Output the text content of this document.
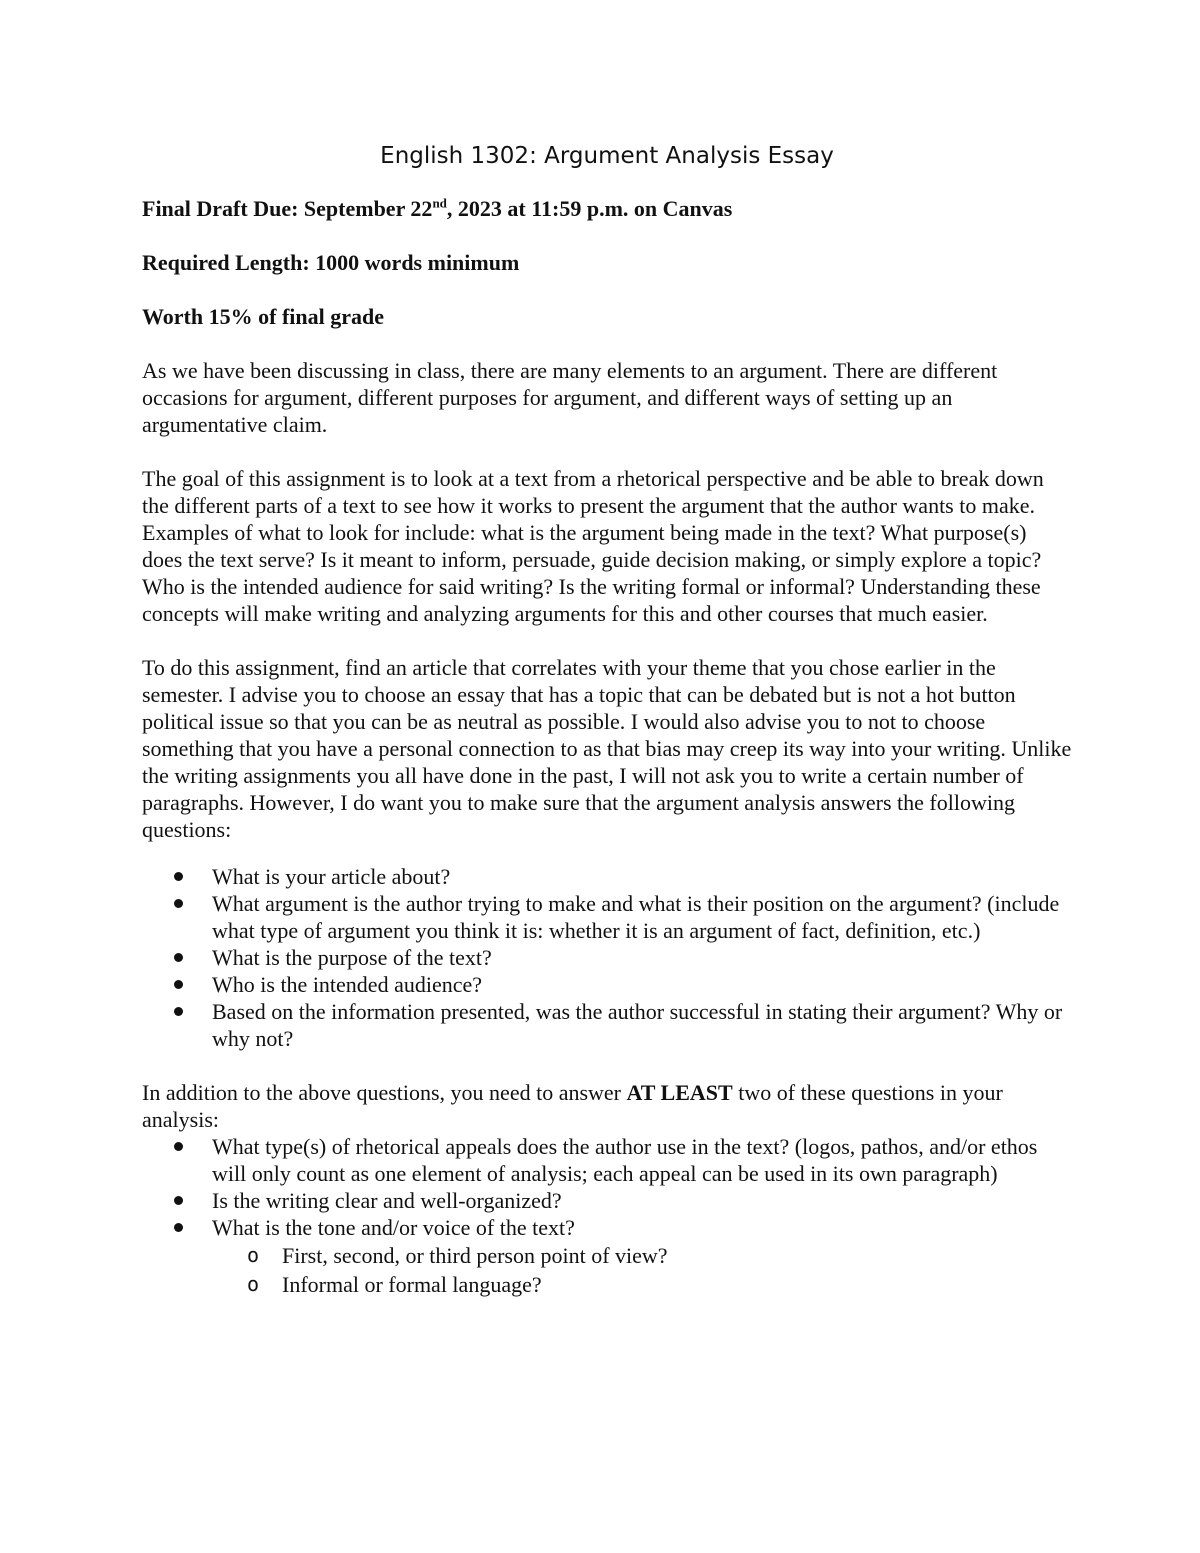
English 1302: Argument Analysis Essay
Final Draft Due: September 22nd, 2023 at 11:59 p.m. on Canvas
Required Length: 1000 words minimum
Worth 15% of final grade

As we have been discussing in class, there are many elements to an argument. There are different occasions for argument, different purposes for argument, and different ways of setting up an argumentative claim.

The goal of this assignment is to look at a text from a rhetorical perspective and be able to break down the different parts of a text to see how it works to present the argument that the author wants to make. Examples of what to look for include: what is the argument being made in the text? What purpose(s) does the text serve? Is it meant to inform, persuade, guide decision making, or simply explore a topic? Who is the intended audience for said writing? Is the writing formal or informal? Understanding these concepts will make writing and analyzing arguments for this and other courses that much easier.

To do this assignment, find an article that correlates with your theme that you chose earlier in the semester. I advise you to choose an essay that has a topic that can be debated but is not a hot button political issue so that you can be as neutral as possible. I would also advise you to not to choose something that you have a personal connection to as that bias may creep its way into your writing. Unlike the writing assignments you all have done in the past, I will not ask you to write a certain number of paragraphs. However, I do want you to make sure that the argument analysis answers the following questions:

What is your article about?
What argument is the author trying to make and what is their position on the argument? (include what type of argument you think it is: whether it is an argument of fact, definition, etc.)
What is the purpose of the text?
Who is the intended audience?
Based on the information presented, was the author successful in stating their argument? Why or why not?

In addition to the above questions, you need to answer AT LEAST two of these questions in your analysis:

What type(s) of rhetorical appeals does the author use in the text? (logos, pathos, and/or ethos will only count as one element of analysis; each appeal can be used in its own paragraph)
Is the writing clear and well-organized?
What is the tone and/or voice of the text?
o First, second, or third person point of view?
o Informal or formal language?
